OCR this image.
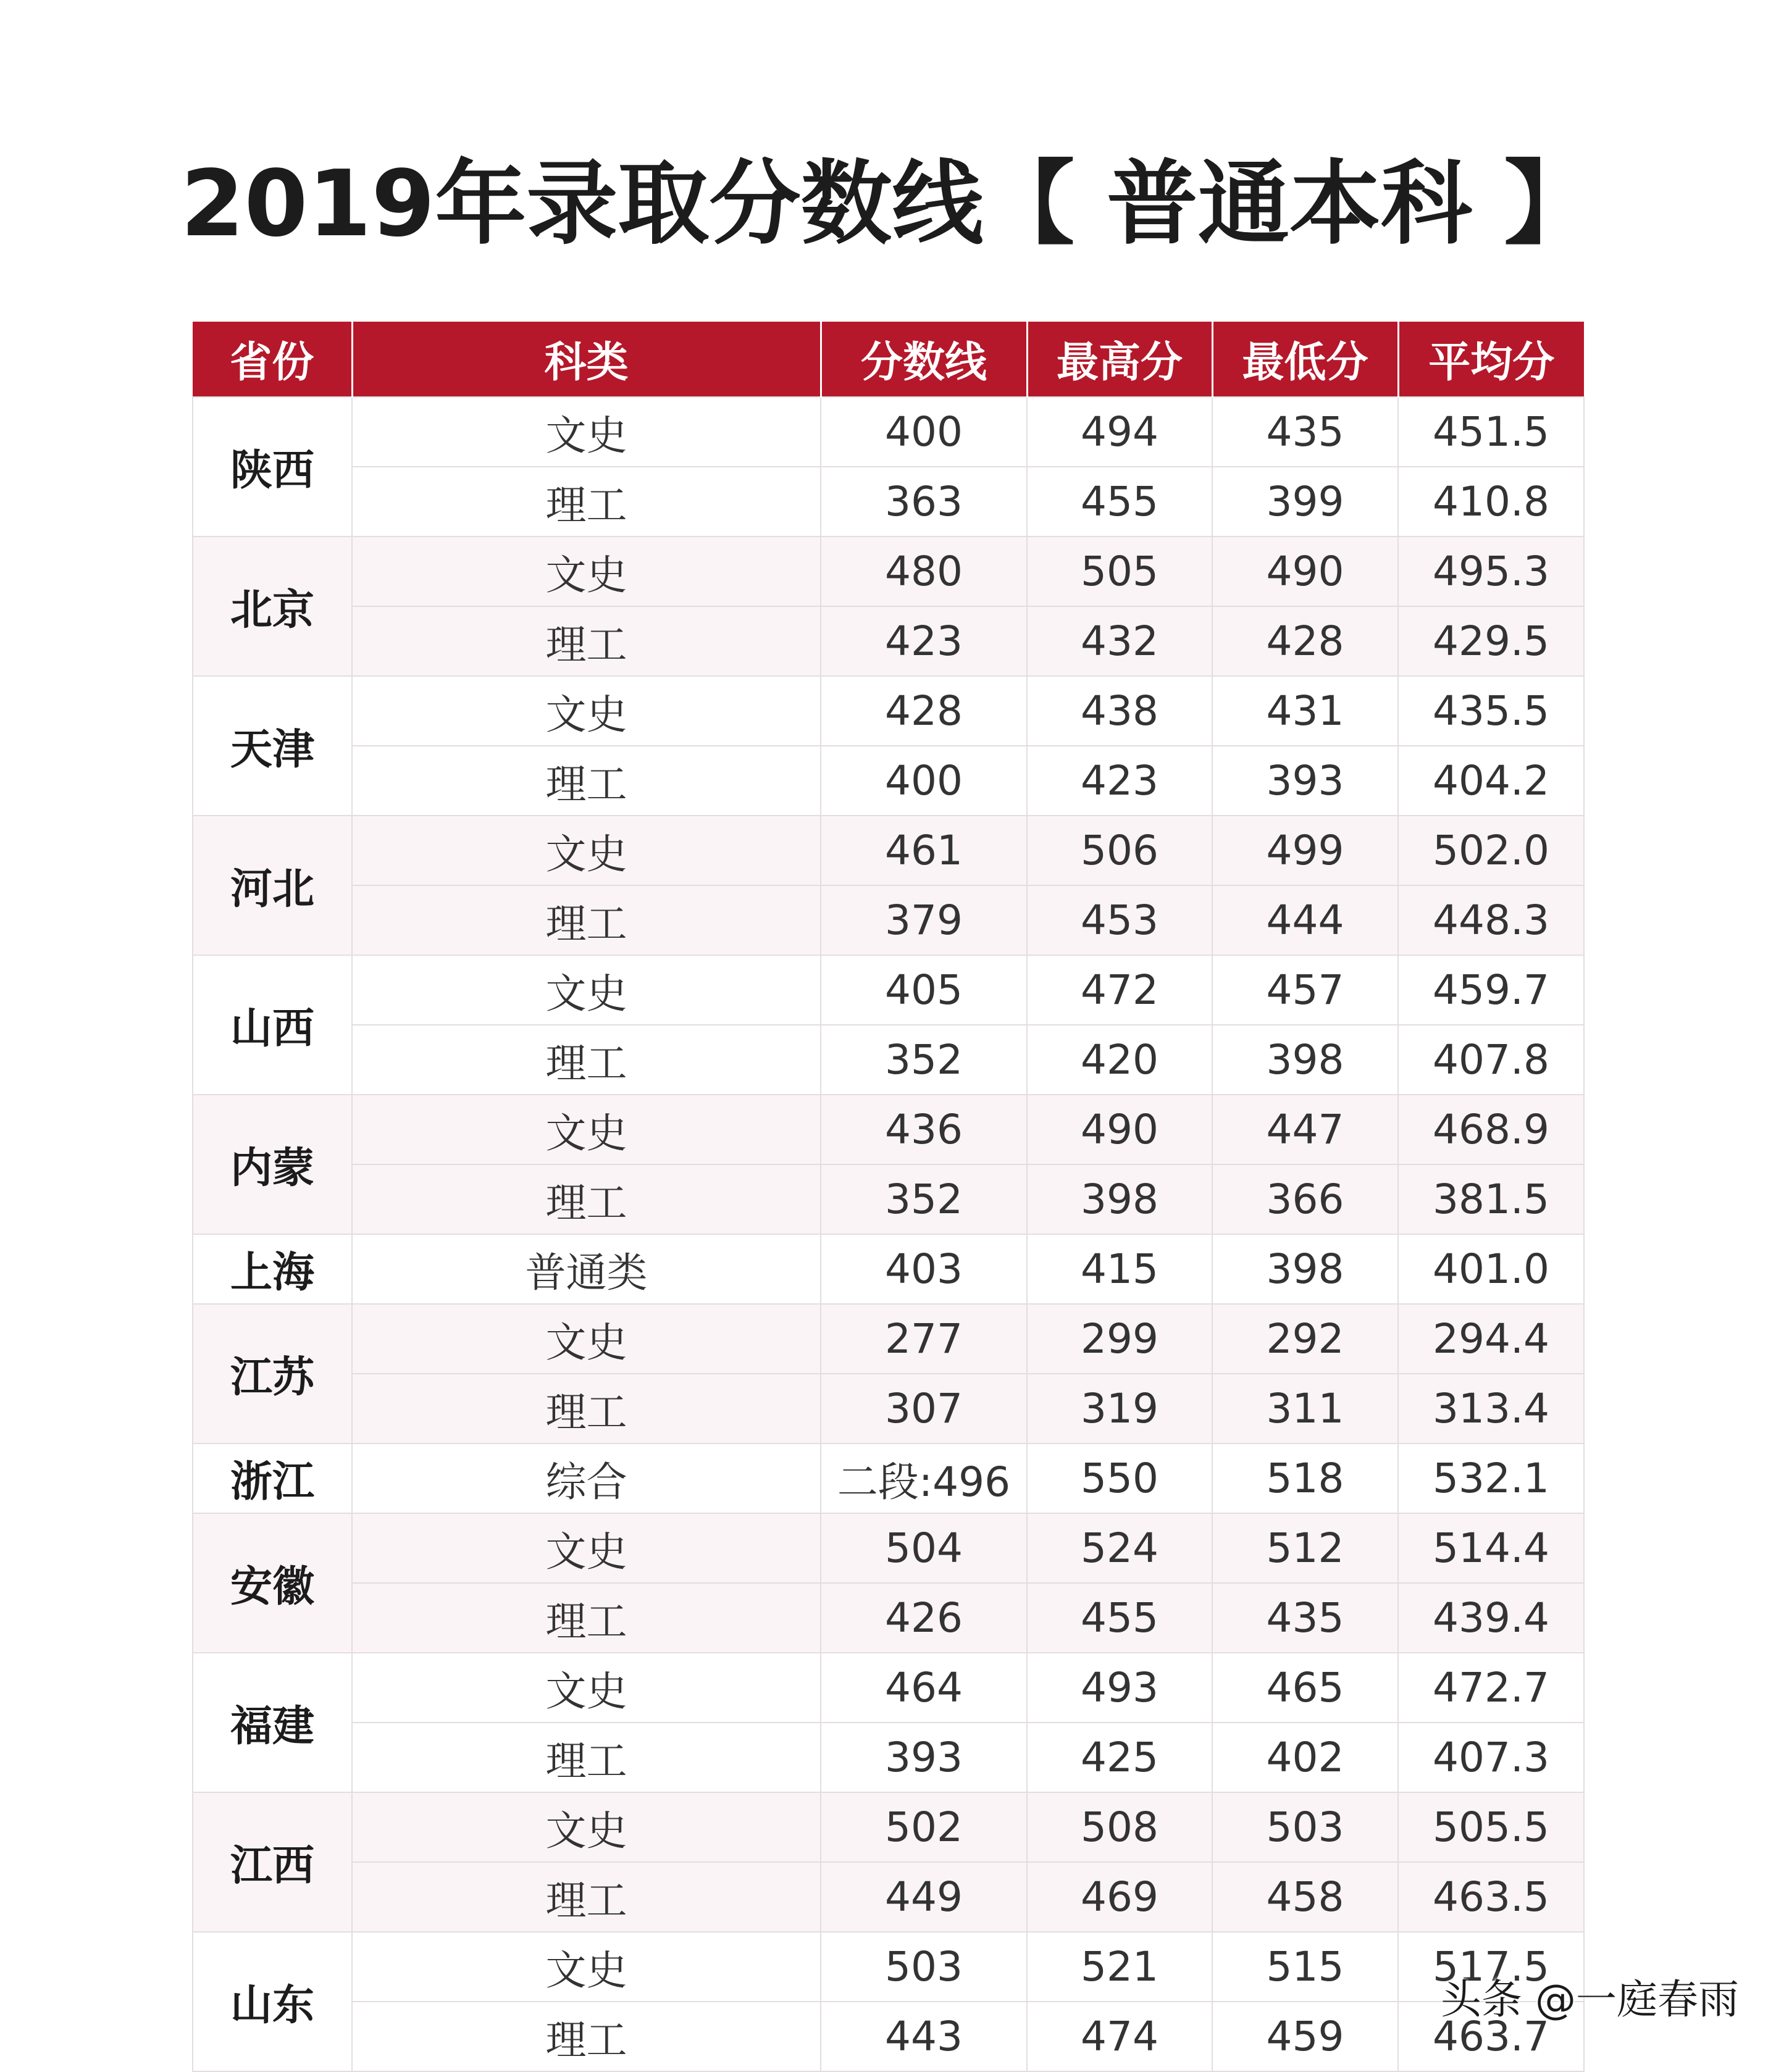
2019年录取分数线【 普通本科 】
省份	科类	分数线	最高分	最低分	平均分
陕西	文史	400	494	435	451.5
	理工	363	455	399	410.8
北京	文史	480	505	490	495.3
	理工	423	432	428	429.5
天津	文史	428	438	431	435.5
	理工	400	423	393	404.2
河北	文史	461	506	499	502.0
	理工	379	453	444	448.3
山西	文史	405	472	457	459.7
	理工	352	420	398	407.8
内蒙	文史	436	490	447	468.9
	理工	352	398	366	381.5
上海	普通类	403	415	398	401.0
江苏	文史	277	299	292	294.4
	理工	307	319	311	313.4
浙江	综合	二段:496	550	518	532.1
安徽	文史	504	524	512	514.4
	理工	426	455	435	439.4
福建	文史	464	493	465	472.7
	理工	393	425	402	407.3
江西	文史	502	508	503	505.5
	理工	449	469	458	463.5
山东	文史	503	521	515	517.5
	理工	443	474	459	463.7
头条 @一庭春雨
